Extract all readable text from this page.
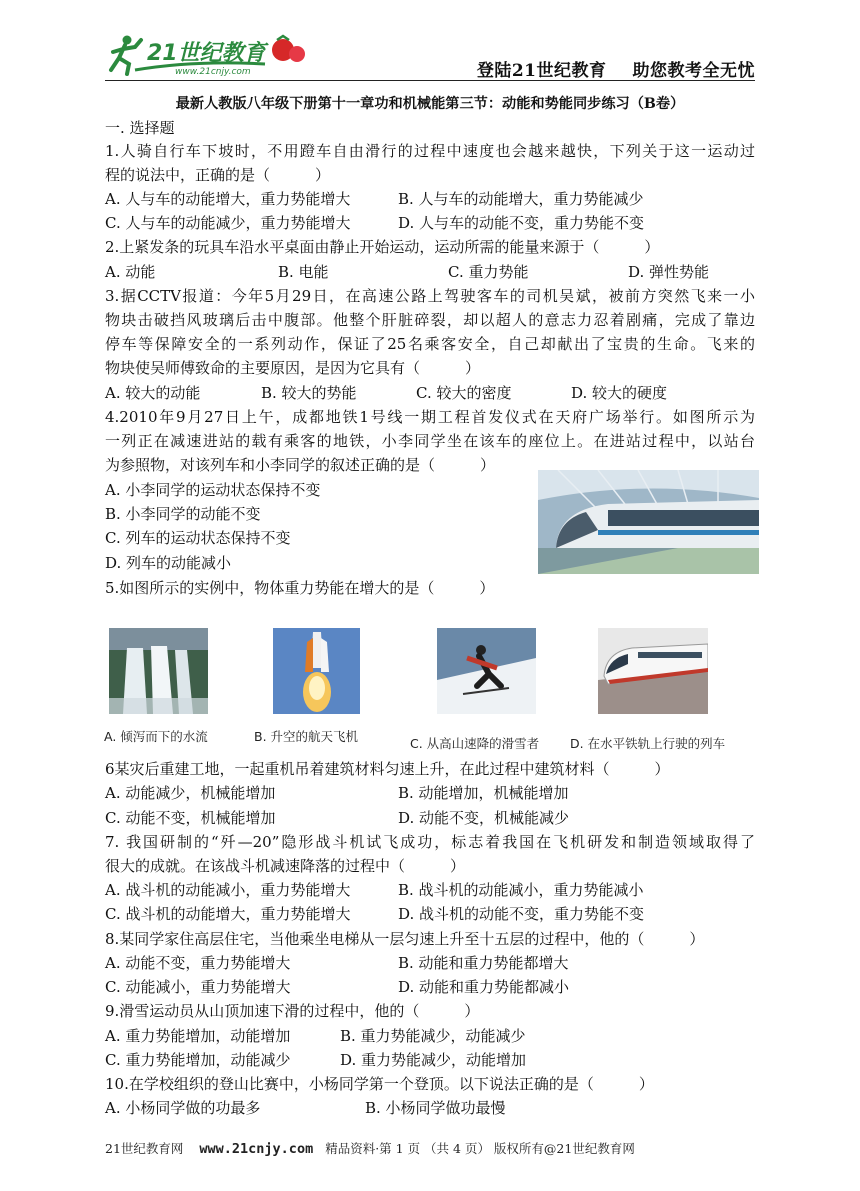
21世纪教育
www.21cnjy.com	登陆21世纪教育 助您教考全无忧
最新人教版八年级下册第十一章功和机械能第三节：动能和势能同步练习（B卷）
一. 选择题
1.人骑自行车下坡时，不用蹬车自由滑行的过程中速度也会越来越快，下列关于这一运动过
程的说法中，正确的是（　　　）
A. 人与车的动能增大，重力势能增大	B. 人与车的动能增大，重力势能减少
C. 人与车的动能减少，重力势能增大	D. 人与车的动能不变，重力势能不变
2.上紧发条的玩具车沿水平桌面由静止开始运动，运动所需的能量来源于（　　　）
A. 动能	B. 电能	C. 重力势能	D. 弹性势能
3.据CCTV报道：今年5月29日，在高速公路上驾驶客车的司机吴斌，被前方突然飞来一小
物块击破挡风玻璃后击中腹部。他整个肝脏碎裂，却以超人的意志力忍着剧痛，完成了靠边
停车等保障安全的一系列动作，保证了25名乘客安全，自己却献出了宝贵的生命。飞来的
物块使吴师傅致命的主要原因，是因为它具有（　　　）
A. 较大的动能	B. 较大的势能	C. 较大的密度	D. 较大的硬度
4.2010年9月27日上午，成都地铁1号线一期工程首发仪式在天府广场举行。如图所示为
一列正在减速进站的载有乘客的地铁，小李同学坐在该车的座位上。在进站过程中，以站台
为参照物，对该列车和小李同学的叙述正确的是（　　　）
A. 小李同学的运动状态保持不变
B. 小李同学的动能不变
C. 列车的运动状态保持不变
D. 列车的动能减小
5.如图所示的实例中，物体重力势能在增大的是（　　　）
A. 倾泻而下的水流	B. 升空的航天飞机	C. 从高山速降的滑雪者 D. 在水平铁轨上行驶的列车
6某灾后重建工地，一起重机吊着建筑材料匀速上升，在此过程中建筑材料（　　　）
A. 动能减少，机械能增加	B. 动能增加，机械能增加
C. 动能不变，机械能增加	D. 动能不变，机械能减少
7. 我国研制的“歼—20”隐形战斗机试飞成功，标志着我国在飞机研发和制造领域取得了
很大的成就。在该战斗机减速降落的过程中（　　　）
A. 战斗机的动能减小，重力势能增大	B. 战斗机的动能减小，重力势能减小
C. 战斗机的动能增大，重力势能增大	D. 战斗机的动能不变，重力势能不变
8.某同学家住高层住宅，当他乘坐电梯从一层匀速上升至十五层的过程中，他的（　　　）
A. 动能不变，重力势能增大	B. 动能和重力势能都增大
C. 动能减小，重力势能增大	D. 动能和重力势能都减小
9.滑雪运动员从山顶加速下滑的过程中，他的（　　　）
A. 重力势能增加，动能增加	B. 重力势能减少，动能减少
C. 重力势能增加，动能减少	D. 重力势能减少，动能增加
10.在学校组织的登山比赛中，小杨同学第一个登顶。以下说法正确的是（　　　）
A. 小杨同学做的功最多	B. 小杨同学做功最慢
21世纪教育网 www.21cnjy.com 精品资料·第 1 页 （共 4 页） 版权所有@21世纪教育网
